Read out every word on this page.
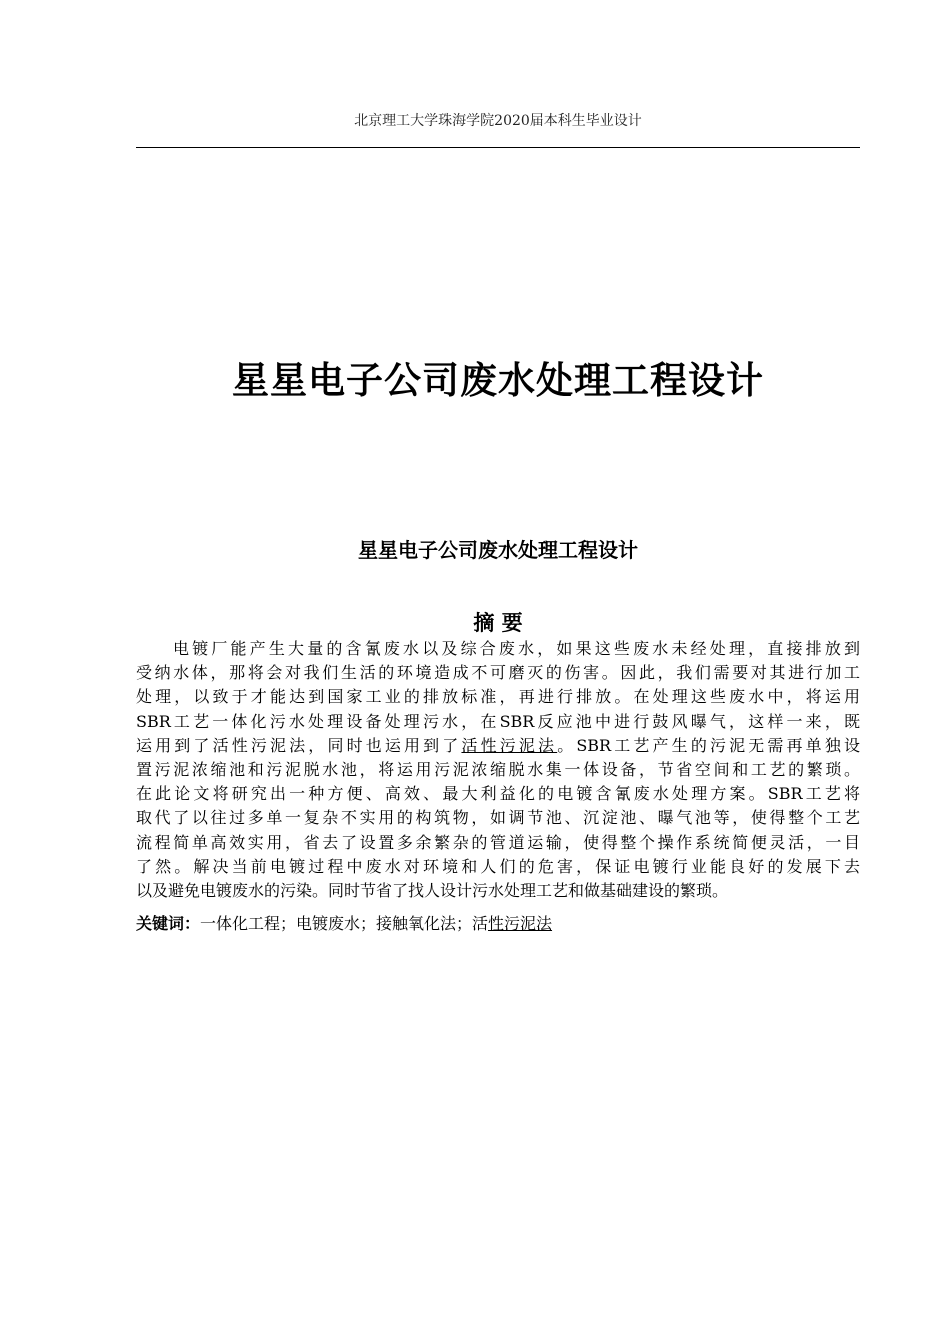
北京理工大学珠海学院2020届本科生毕业设计
星星电子公司废水处理工程设计
星星电子公司废水处理工程设计
摘 要
电镀厂能产生大量的含氰废水以及综合废水，如果这些废水未经处理，直接排放到
受纳水体，那将会对我们生活的环境造成不可磨灭的伤害。因此，我们需要对其进行加工
处理，以致于才能达到国家工业的排放标准，再进行排放。在处理这些废水中，将运用
SBR工艺一体化污水处理设备处理污水，在SBR反应池中进行鼓风曝气，这样一来，既
运用到了活性污泥法，同时也运用到了活性污泥法。SBR工艺产生的污泥无需再单独设
置污泥浓缩池和污泥脱水池，将运用污泥浓缩脱水集一体设备，节省空间和工艺的繁琐。
在此论文将研究出一种方便、高效、最大利益化的电镀含氰废水处理方案。SBR工艺将
取代了以往过多单一复杂不实用的构筑物，如调节池、沉淀池、曝气池等，使得整个工艺
流程简单高效实用，省去了设置多余繁杂的管道运输，使得整个操作系统简便灵活，一目
了然。解决当前电镀过程中废水对环境和人们的危害，保证电镀行业能良好的发展下去
以及避免电镀废水的污染。同时节省了找人设计污水处理工艺和做基础建设的繁琐。
关键词：一体化工程；电镀废水；接触氧化法；活性污泥法
